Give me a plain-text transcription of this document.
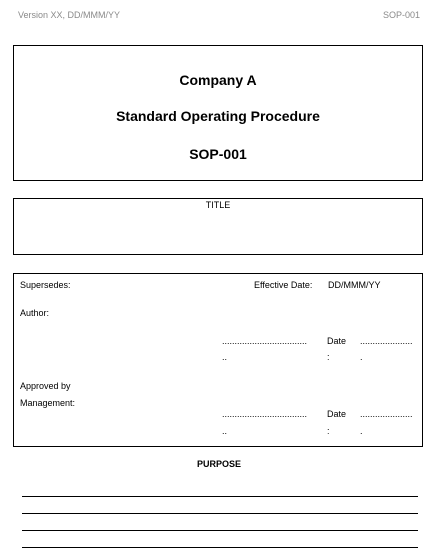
Version XX, DD/MMM/YY	SOP-001
Company A
Standard Operating Procedure
SOP-001
TITLE
Supersedes:	Effective Date: DD/MMM/YY
Author:
.................................. Date .....................
..	:	.
Approved by
Management:
.................................. Date .....................
..	:	.
PURPOSE
